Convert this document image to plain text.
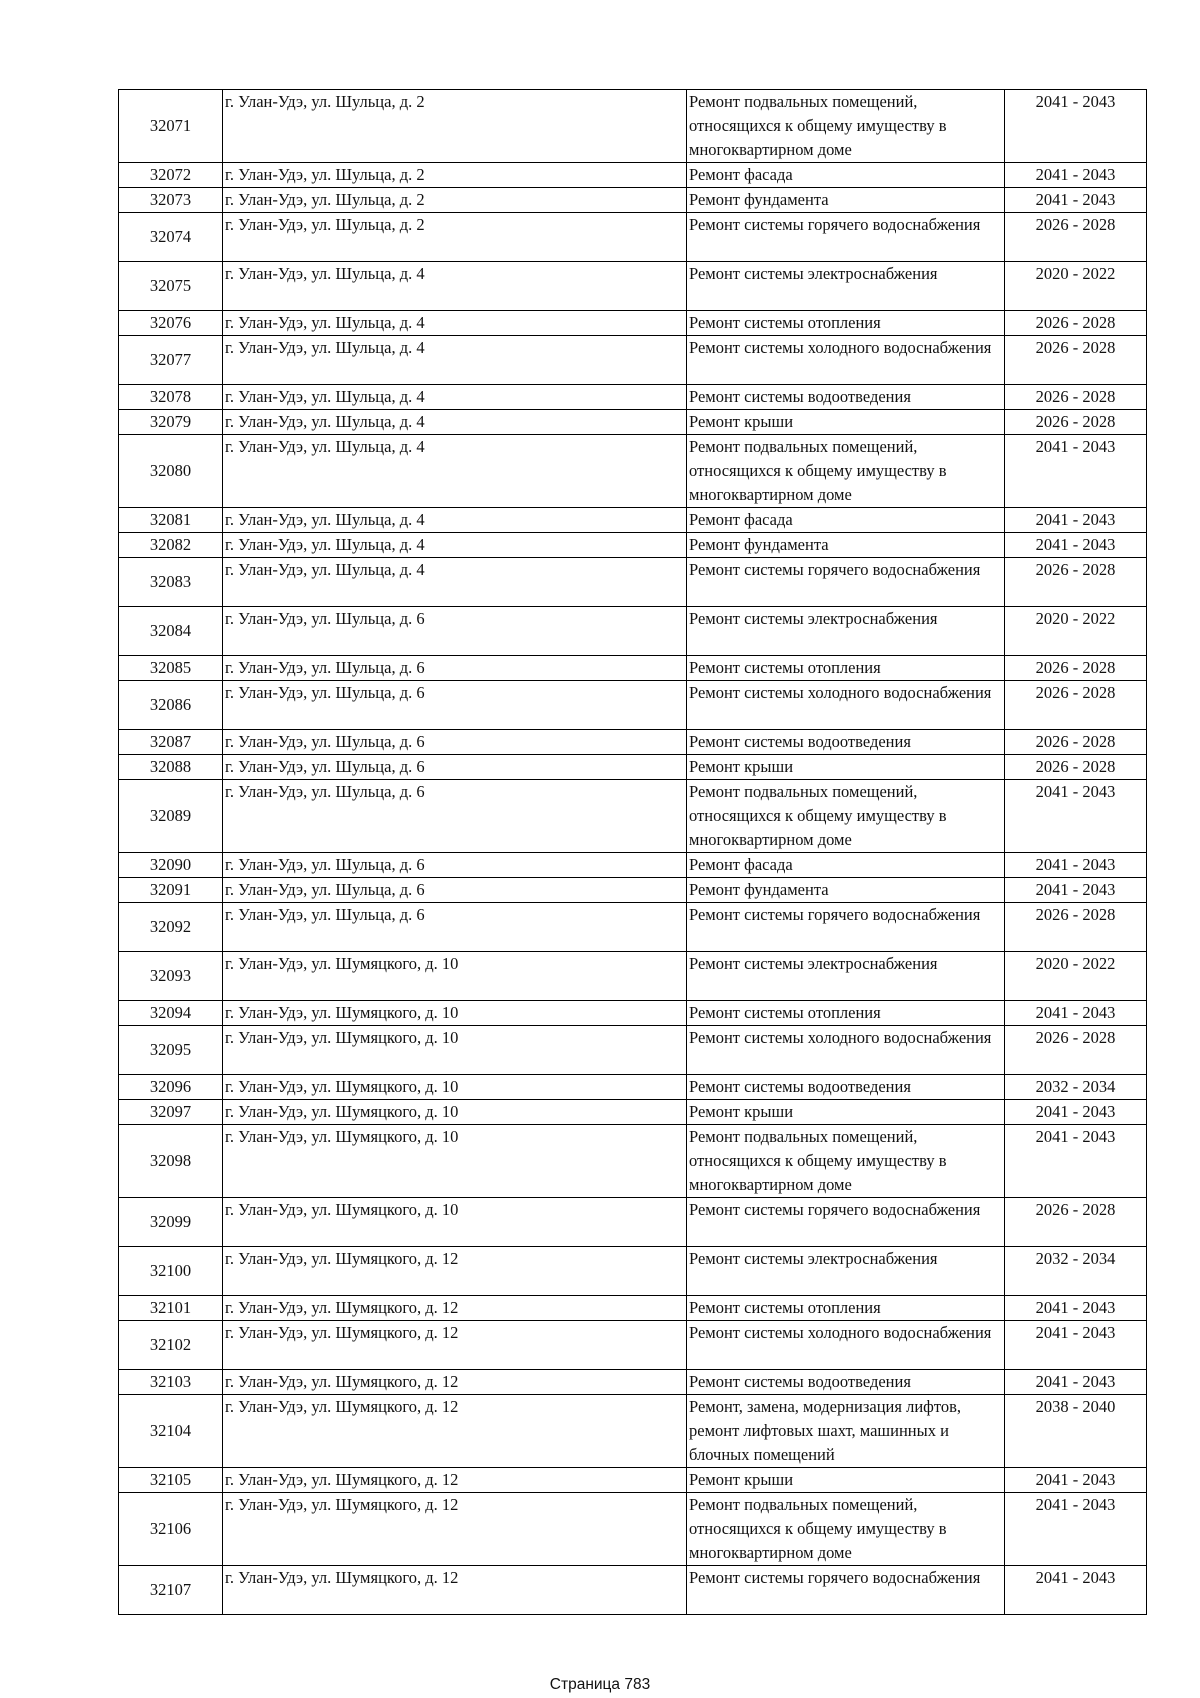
32071	г. Улан-Удэ, ул. Шульца, д. 2	Ремонт подвальных помещений, относящихся к общему имуществу в многоквартирном доме	2041 - 2043
32072	г. Улан-Удэ, ул. Шульца, д. 2	Ремонт фасада	2041 - 2043
32073	г. Улан-Удэ, ул. Шульца, д. 2	Ремонт фундамента	2041 - 2043
32074	г. Улан-Удэ, ул. Шульца, д. 2	Ремонт системы горячего водоснабжения	2026 - 2028
32075	г. Улан-Удэ, ул. Шульца, д. 4	Ремонт системы электроснабжения	2020 - 2022
32076	г. Улан-Удэ, ул. Шульца, д. 4	Ремонт системы отопления	2026 - 2028
32077	г. Улан-Удэ, ул. Шульца, д. 4	Ремонт системы холодного водоснабжения	2026 - 2028
32078	г. Улан-Удэ, ул. Шульца, д. 4	Ремонт системы водоотведения	2026 - 2028
32079	г. Улан-Удэ, ул. Шульца, д. 4	Ремонт крыши	2026 - 2028
32080	г. Улан-Удэ, ул. Шульца, д. 4	Ремонт подвальных помещений, относящихся к общему имуществу в многоквартирном доме	2041 - 2043
32081	г. Улан-Удэ, ул. Шульца, д. 4	Ремонт фасада	2041 - 2043
32082	г. Улан-Удэ, ул. Шульца, д. 4	Ремонт фундамента	2041 - 2043
32083	г. Улан-Удэ, ул. Шульца, д. 4	Ремонт системы горячего водоснабжения	2026 - 2028
32084	г. Улан-Удэ, ул. Шульца, д. 6	Ремонт системы электроснабжения	2020 - 2022
32085	г. Улан-Удэ, ул. Шульца, д. 6	Ремонт системы отопления	2026 - 2028
32086	г. Улан-Удэ, ул. Шульца, д. 6	Ремонт системы холодного водоснабжения	2026 - 2028
32087	г. Улан-Удэ, ул. Шульца, д. 6	Ремонт системы водоотведения	2026 - 2028
32088	г. Улан-Удэ, ул. Шульца, д. 6	Ремонт крыши	2026 - 2028
32089	г. Улан-Удэ, ул. Шульца, д. 6	Ремонт подвальных помещений, относящихся к общему имуществу в многоквартирном доме	2041 - 2043
32090	г. Улан-Удэ, ул. Шульца, д. 6	Ремонт фасада	2041 - 2043
32091	г. Улан-Удэ, ул. Шульца, д. 6	Ремонт фундамента	2041 - 2043
32092	г. Улан-Удэ, ул. Шульца, д. 6	Ремонт системы горячего водоснабжения	2026 - 2028
32093	г. Улан-Удэ, ул. Шумяцкого, д. 10	Ремонт системы электроснабжения	2020 - 2022
32094	г. Улан-Удэ, ул. Шумяцкого, д. 10	Ремонт системы отопления	2041 - 2043
32095	г. Улан-Удэ, ул. Шумяцкого, д. 10	Ремонт системы холодного водоснабжения	2026 - 2028
32096	г. Улан-Удэ, ул. Шумяцкого, д. 10	Ремонт системы водоотведения	2032 - 2034
32097	г. Улан-Удэ, ул. Шумяцкого, д. 10	Ремонт крыши	2041 - 2043
32098	г. Улан-Удэ, ул. Шумяцкого, д. 10	Ремонт подвальных помещений, относящихся к общему имуществу в многоквартирном доме	2041 - 2043
32099	г. Улан-Удэ, ул. Шумяцкого, д. 10	Ремонт системы горячего водоснабжения	2026 - 2028
32100	г. Улан-Удэ, ул. Шумяцкого, д. 12	Ремонт системы электроснабжения	2032 - 2034
32101	г. Улан-Удэ, ул. Шумяцкого, д. 12	Ремонт системы отопления	2041 - 2043
32102	г. Улан-Удэ, ул. Шумяцкого, д. 12	Ремонт системы холодного водоснабжения	2041 - 2043
32103	г. Улан-Удэ, ул. Шумяцкого, д. 12	Ремонт системы водоотведения	2041 - 2043
32104	г. Улан-Удэ, ул. Шумяцкого, д. 12	Ремонт, замена, модернизация лифтов, ремонт лифтовых шахт, машинных и блочных помещений	2038 - 2040
32105	г. Улан-Удэ, ул. Шумяцкого, д. 12	Ремонт крыши	2041 - 2043
32106	г. Улан-Удэ, ул. Шумяцкого, д. 12	Ремонт подвальных помещений, относящихся к общему имуществу в многоквартирном доме	2041 - 2043
32107	г. Улан-Удэ, ул. Шумяцкого, д. 12	Ремонт системы горячего водоснабжения	2041 - 2043
Страница 783
